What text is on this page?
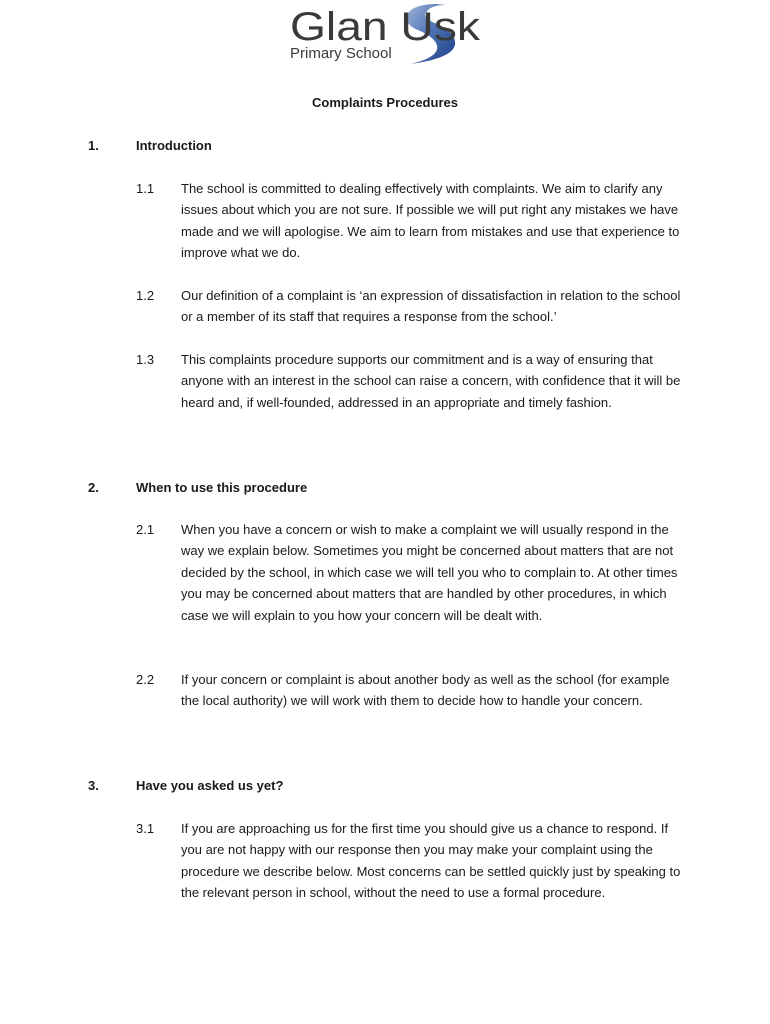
Glan Usk
Primary School
Complaints Procedures
1.	Introduction
1.1 The school is committed to dealing effectively with complaints. We aim to clarify any issues about which you are not sure. If possible we will put right any mistakes we have made and we will apologise. We aim to learn from mistakes and use that experience to improve what we do.
1.2 Our definition of a complaint is ‘an expression of dissatisfaction in relation to the school or a member of its staff that requires a response from the school.’
1.3 This complaints procedure supports our commitment and is a way of ensuring that anyone with an interest in the school can raise a concern, with confidence that it will be heard and, if well-founded, addressed in an appropriate and timely fashion.
2.	When to use this procedure
2.1 When you have a concern or wish to make a complaint we will usually respond in the way we explain below. Sometimes you might be concerned about matters that are not decided by the school, in which case we will tell you who to complain to. At other times you may be concerned about matters that are handled by other procedures, in which case we will explain to you how your concern will be dealt with.
2.2 If your concern or complaint is about another body as well as the school (for example the local authority) we will work with them to decide how to handle your concern.
3.	Have you asked us yet?
3.1 If you are approaching us for the first time you should give us a chance to respond. If you are not happy with our response then you may make your complaint using the procedure we describe below. Most concerns can be settled quickly just by speaking to the relevant person in school, without the need to use a formal procedure.
